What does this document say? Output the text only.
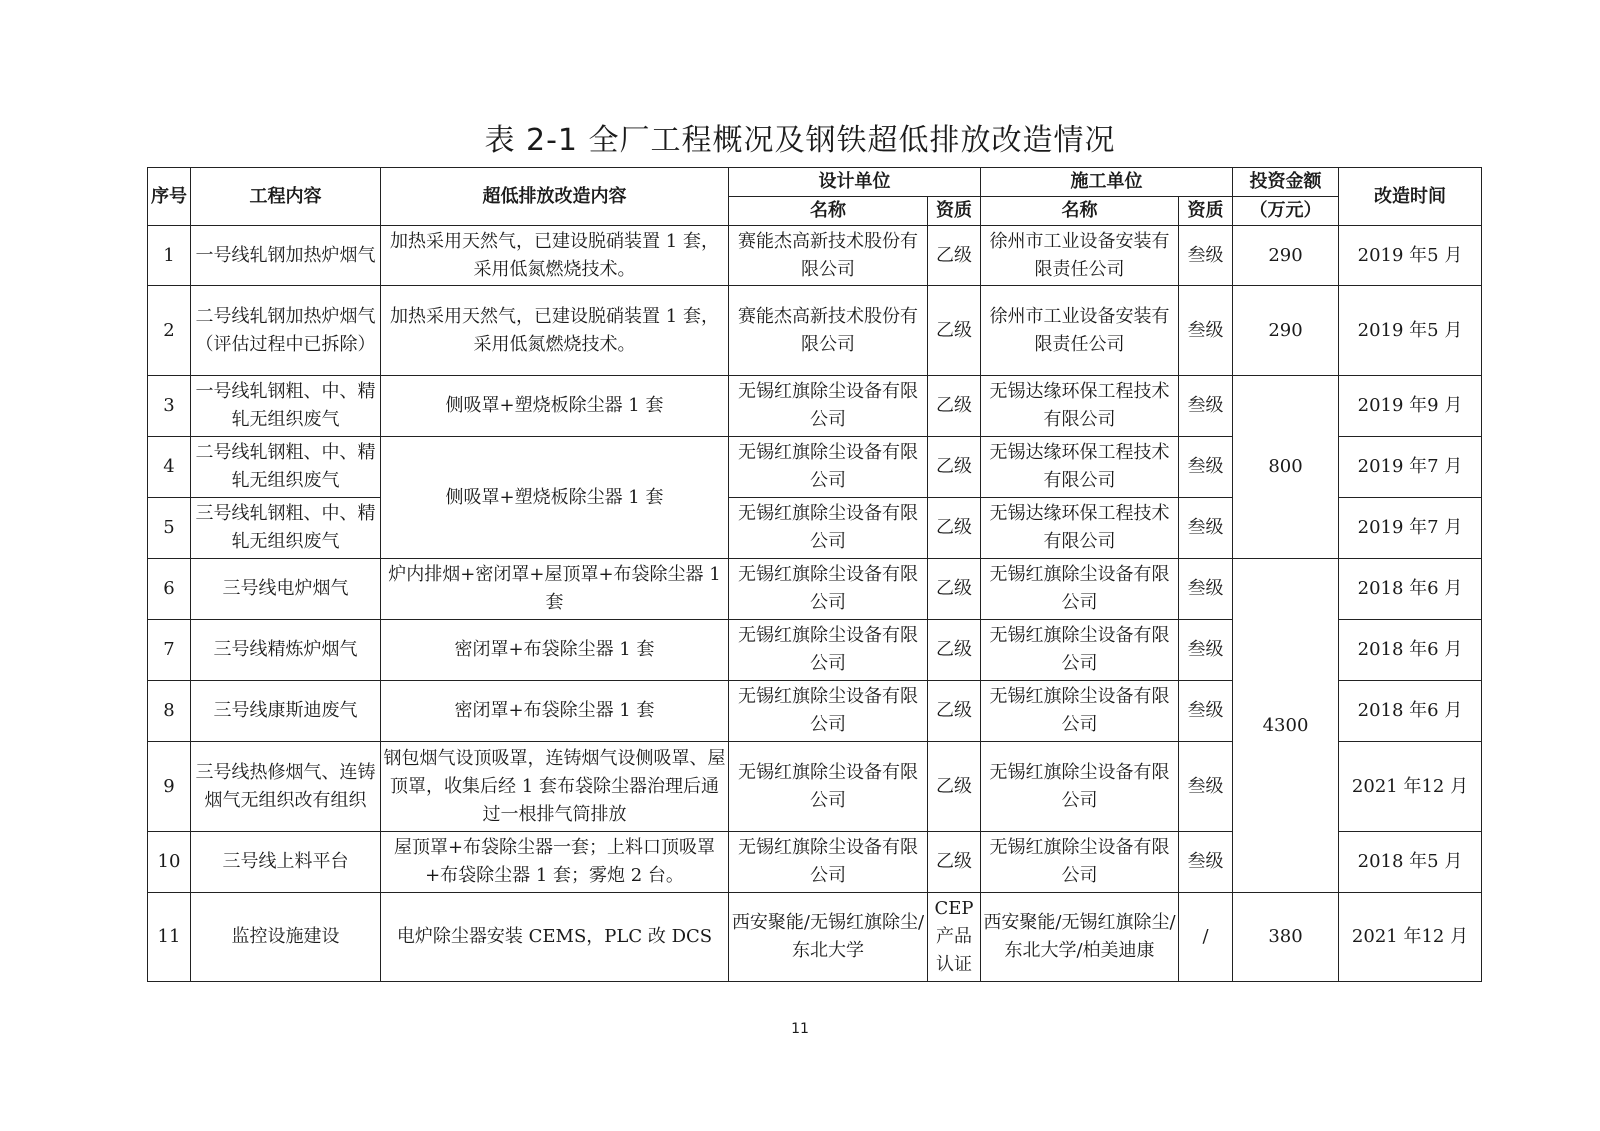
表 2-1 全厂工程概况及钢铁超低排放改造情况
序号	工程内容	超低排放改造内容	设计单位		施工单位		投资金额	改造时间
			名称	资质	名称	资质	（万元）	
1	一号线轧钢加热炉烟气	加热采用天然气，已建设脱硝装置 1 套，采用低氮燃烧技术。	赛能杰高新技术股份有限公司	乙级	徐州市工业设备安装有限责任公司	叁级	290	2019 年5 月
2	二号线轧钢加热炉烟气（评估过程中已拆除）	加热采用天然气，已建设脱硝装置 1 套，采用低氮燃烧技术。	赛能杰高新技术股份有限公司	乙级	徐州市工业设备安装有限责任公司	叁级	290	2019 年5 月
3	一号线轧钢粗、中、精轧无组织废气	侧吸罩+塑烧板除尘器 1 套	无锡红旗除尘设备有限公司	乙级	无锡达缘环保工程技术有限公司	叁级	800	2019 年9 月
4	二号线轧钢粗、中、精轧无组织废气	侧吸罩+塑烧板除尘器 1 套	无锡红旗除尘设备有限公司	乙级	无锡达缘环保工程技术有限公司	叁级		2019 年7 月
5	三号线轧钢粗、中、精轧无组织废气		无锡红旗除尘设备有限公司	乙级	无锡达缘环保工程技术有限公司	叁级		2019 年7 月
6	三号线电炉烟气	炉内排烟+密闭罩+屋顶罩+布袋除尘器 1 套	无锡红旗除尘设备有限公司	乙级	无锡红旗除尘设备有限公司	叁级	4300	2018 年6 月
7	三号线精炼炉烟气	密闭罩+布袋除尘器 1 套	无锡红旗除尘设备有限公司	乙级	无锡红旗除尘设备有限公司	叁级		2018 年6 月
8	三号线康斯迪废气	密闭罩+布袋除尘器 1 套	无锡红旗除尘设备有限公司	乙级	无锡红旗除尘设备有限公司	叁级		2018 年6 月
9	三号线热修烟气、连铸烟气无组织改有组织	钢包烟气设顶吸罩，连铸烟气设侧吸罩、屋顶罩，收集后经 1 套布袋除尘器治理后通过一根排气筒排放	无锡红旗除尘设备有限公司	乙级	无锡红旗除尘设备有限公司	叁级		2021 年12 月
10	三号线上料平台	屋顶罩+布袋除尘器一套；上料口顶吸罩+布袋除尘器 1 套；雾炮 2 台。	无锡红旗除尘设备有限公司	乙级	无锡红旗除尘设备有限公司	叁级		2018 年5 月
11	监控设施建设	电炉除尘器安装 CEMS，PLC 改 DCS	西安聚能/无锡红旗除尘/东北大学	CEP 产品认证	西安聚能/无锡红旗除尘/东北大学/柏美迪康	/	380	2021 年12 月
11
